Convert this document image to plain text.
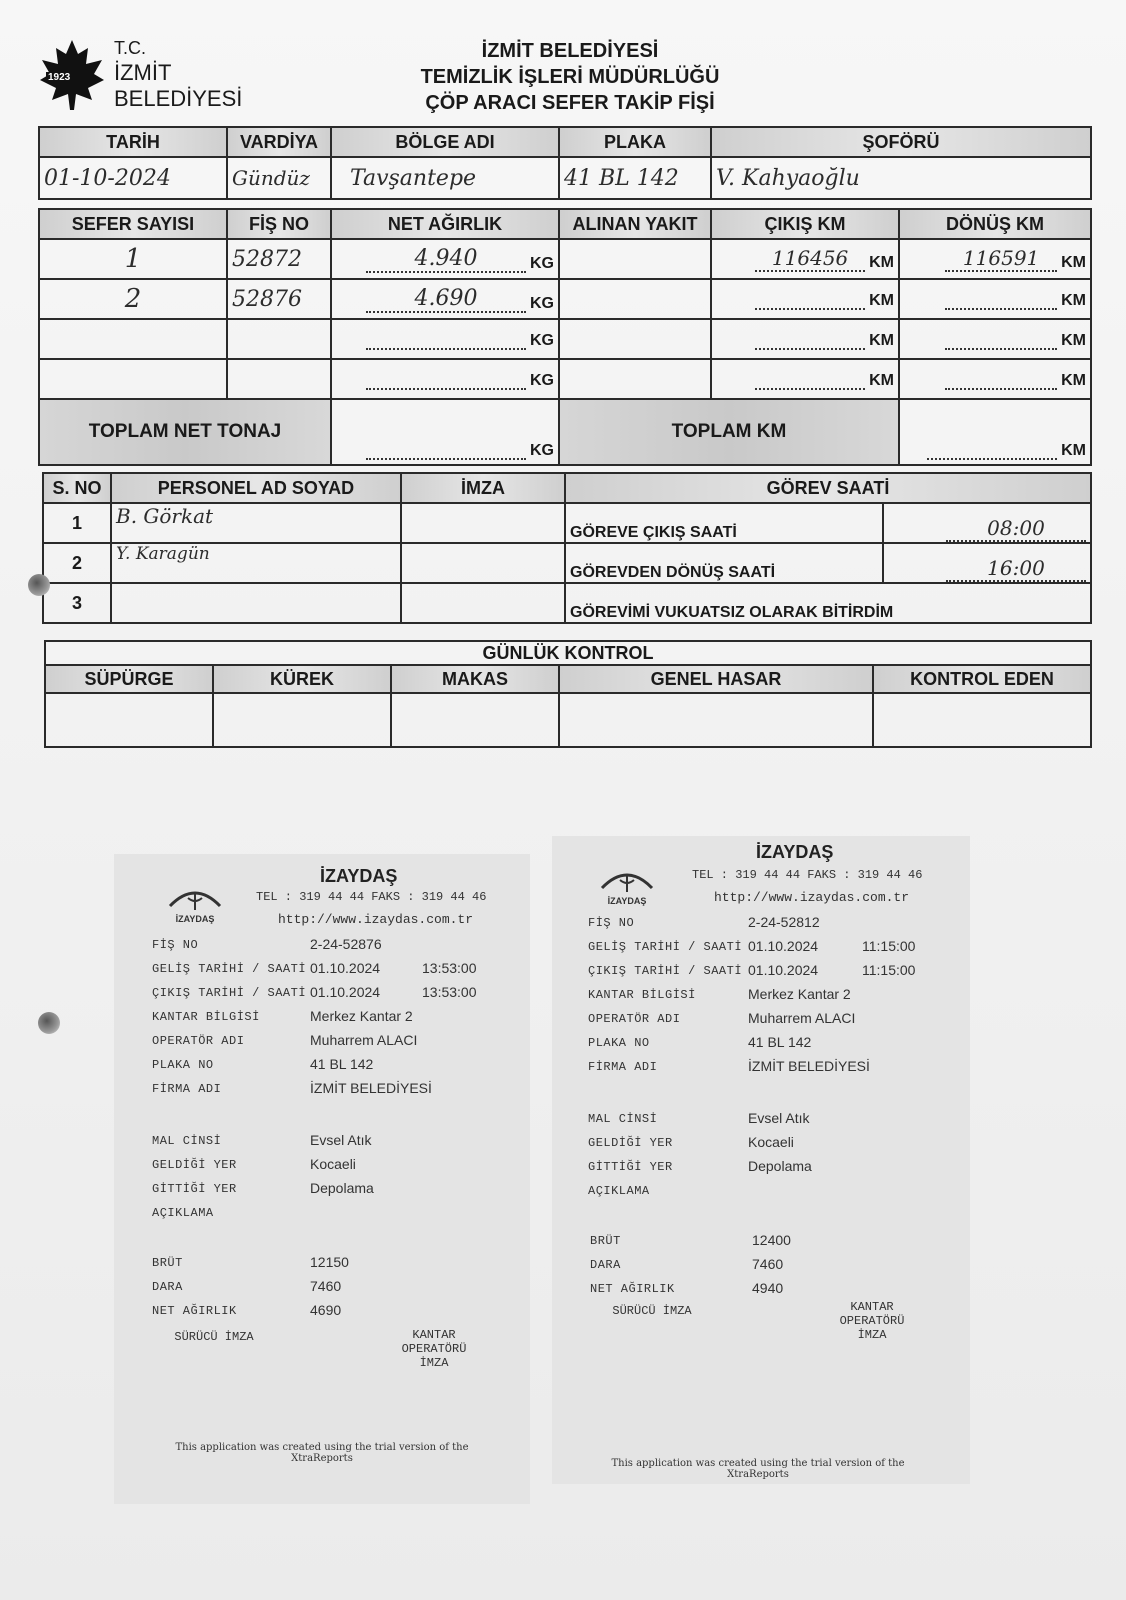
1923
T.C.
İZMİT
BELEDİYESİ
İZMİT BELEDİYESİ
TEMİZLİK İŞLERİ MÜDÜRLÜĞÜ
ÇÖP ARACI SEFER TAKİP FİŞİ
TARİH	VARDİYA	BÖLGE ADI	PLAKA	ŞOFÖRÜ
01-10-2024	Gündüz	Tavşantepe	41 BL 142	V. Kahyaoğlu
SEFER SAYISI	FİŞ NO	NET AĞIRLIK	ALINAN YAKIT	ÇIKIŞ KM	DÖNÜŞ KM
1	52872	4.940 KG		116456 KM	116591 KM
2	52876	4.690 KG		KM	KM
		KG		KM	KM
		KG		KM	KM
TOPLAM NET TONAJ		KG	TOPLAM KM		KM
S. NO	PERSONEL AD SOYAD	İMZA	GÖREV SAATİ	
1	B. Görkat		GÖREVE ÇIKIŞ SAATİ	08:00
2	Y. Karagün		GÖREVDEN DÖNÜŞ SAATİ	16:00
3			GÖREVİMİ VUKUATSIZ OLARAK BİTİRDİM	
GÜNLÜK KONTROL				
SÜPÜRGE	KÜREK	MAKAS	GENEL HASAR	KONTROL EDEN

İZAYDAŞ
İZAYDAŞ
TEL : 319 44 44 FAKS : 319 44 46
http://www.izaydas.com.tr
FİŞ NO	2-24-52876
GELİŞ TARİHİ / SAATİ 01.10.2024	13:53:00
ÇIKIŞ TARİHİ / SAATİ 01.10.2024	13:53:00
KANTAR BİLGİSİ	Merkez Kantar 2
OPERATÖR ADI	Muharrem ALACI
PLAKA NO	41 BL 142
FİRMA ADI	İZMİT BELEDİYESİ
MAL CİNSİ	Evsel Atık
GELDİĞİ YER	Kocaeli
GİTTİĞİ YER	Depolama
AÇIKLAMA
BRÜT	12150
DARA	7460
NET AĞIRLIK	4690
SÜRÜCÜ İMZA	KANTAR OPERATÖRÜ İMZA
This application was created using the trial version of the XtraReports
İZAYDAŞ
İZAYDAŞ
TEL : 319 44 44 FAKS : 319 44 46
http://www.izaydas.com.tr
FİŞ NO	2-24-52812
GELİŞ TARİHİ / SAATİ 01.10.2024	11:15:00
ÇIKIŞ TARİHİ / SAATİ 01.10.2024	11:15:00
KANTAR BİLGİSİ	Merkez Kantar 2
OPERATÖR ADI	Muharrem ALACI
PLAKA NO	41 BL 142
FİRMA ADI	İZMİT BELEDİYESİ
MAL CİNSİ	Evsel Atık
GELDİĞİ YER	Kocaeli
GİTTİĞİ YER	Depolama
AÇIKLAMA
BRÜT	12400
DARA	7460
NET AĞIRLIK	4940
SÜRÜCÜ İMZA	KANTAR OPERATÖRÜ İMZA
This application was created using the trial version of the XtraReports
